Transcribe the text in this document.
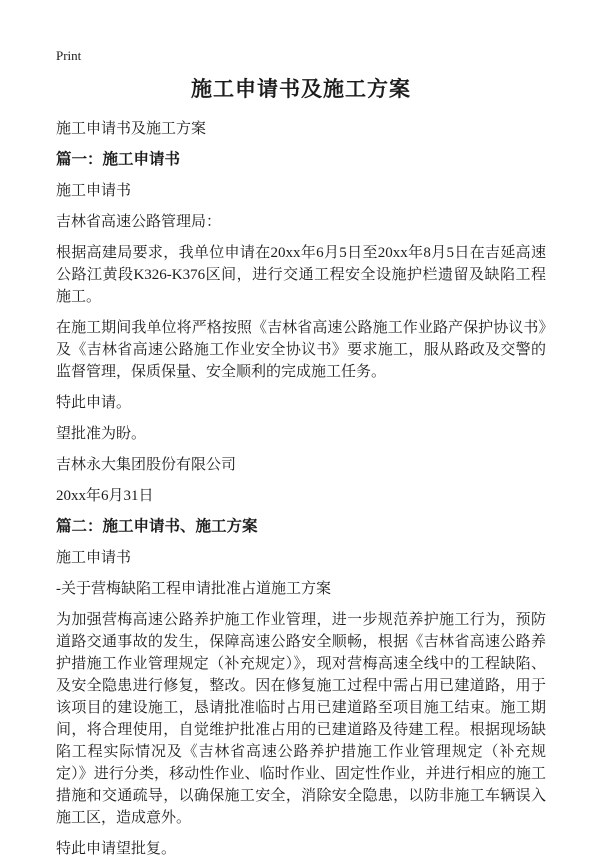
Print
施工申请书及施工方案

施工申请书及施工方案

篇一：施工申请书

施工申请书

吉林省高速公路管理局：

根据高建局要求，我单位申请在20xx年6月5日至20xx年8月5日在吉延高速公路江黄段K326-K376区间，进行交通工程安全设施护栏遗留及缺陷工程施工。

在施工期间我单位将严格按照《吉林省高速公路施工作业路产保护协议书》及《吉林省高速公路施工作业安全协议书》要求施工，服从路政及交警的监督管理，保质保量、安全顺利的完成施工任务。

特此申请。

望批准为盼。

吉林永大集团股份有限公司

20xx年6月31日

篇二：施工申请书、施工方案

施工申请书

-关于营梅缺陷工程申请批准占道施工方案

为加强营梅高速公路养护施工作业管理，进一步规范养护施工行为，预防道路交通事故的发生，保障高速公路安全顺畅，根据《吉林省高速公路养护措施工作业管理规定（补充规定）》，现对营梅高速全线中的工程缺陷、及安全隐患进行修复，整改。因在修复施工过程中需占用已建道路，用于该项目的建设施工，恳请批准临时占用已建道路至项目施工结束。施工期间，将合理使用，自觉维护批准占用的已建道路及待建工程。根据现场缺陷工程实际情况及《吉林省高速公路养护措施工作业管理规定（补充规定）》进行分类，移动性作业、临时作业、固定性作业，并进行相应的施工措施和交通疏导，以确保施工安全，消除安全隐患，以防非施工车辆误入施工区，造成意外。

特此申请望批复。
